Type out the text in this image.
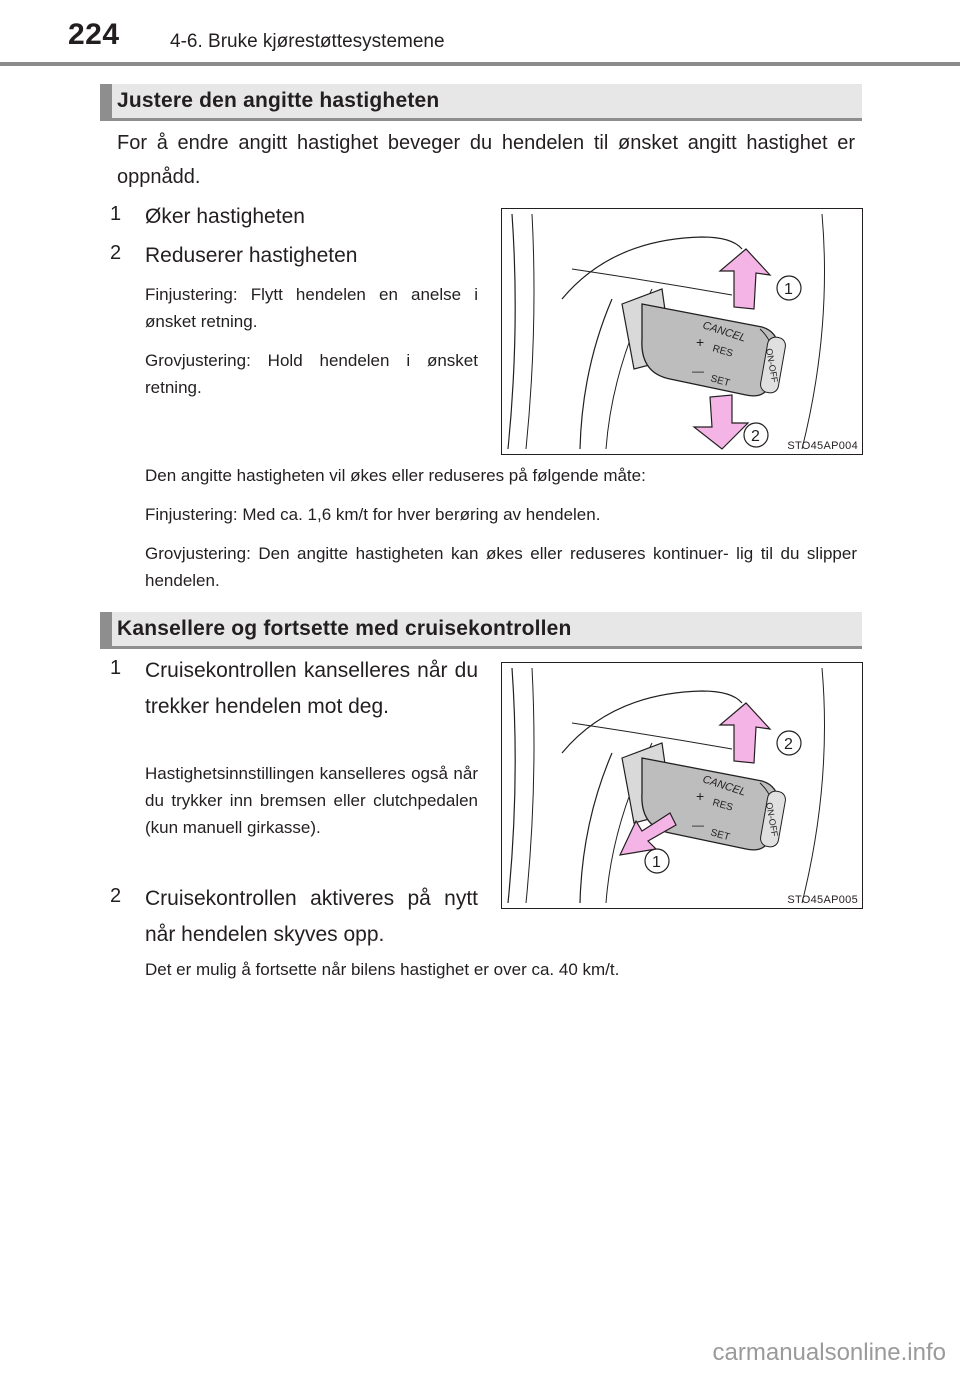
224	4-6. Bruke kjørestøttesystemene
Justere den angitte hastigheten
For å endre angitt hastighet beveger du hendelen til ønsket angitt hastighet er oppnådd.
1 Øker hastigheten
2 Reduserer hastigheten
Finjustering: Flytt hendelen en anelse i ønsket retning.
Grovjustering: Hold hendelen i ønsket retning.
CANCEL
RES
SET
+
—	ON-OFF
1
2
STO45AP004
Den angitte hastigheten vil økes eller reduseres på følgende måte:
Finjustering: Med ca. 1,6 km/t for hver berøring av hendelen.
Grovjustering: Den angitte hastigheten kan økes eller reduseres kontinuer- lig til du slipper hendelen.
Kansellere og fortsette med cruisekontrollen
1 Cruisekontrollen kanselleres når du trekker hendelen mot deg.
Hastighetsinnstillingen kanselleres også når du trykker inn bremsen eller clutchpedalen (kun manuell girkasse).
2 Cruisekontrollen aktiveres på nytt når hendelen skyves opp.
CANCEL
RES
SET
+
—	ON-OFF
2
1
STO45AP005
Det er mulig å fortsette når bilens hastighet er over ca. 40 km/t.
carmanualsonline.info
